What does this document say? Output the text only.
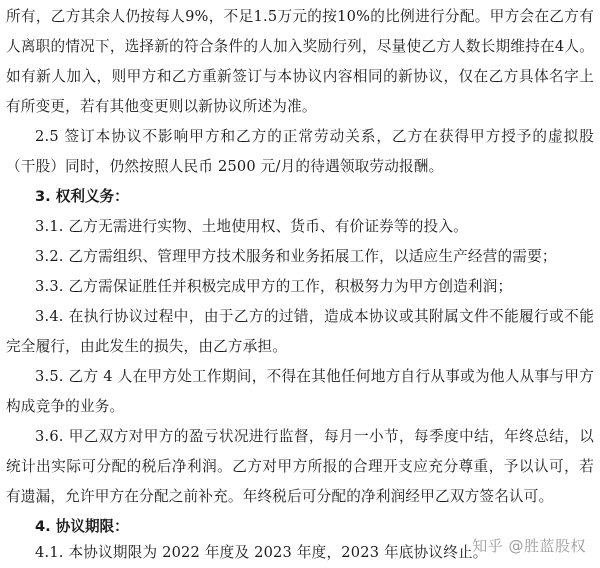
所有，乙方其余人仍按每人9%，不足1.5万元的按10%的比例进行分配。甲方会在乙方有人离职的情况下，选择新的符合条件的人加入奖励行列，尽量使乙方人数长期维持在4人。如有新人加入，则甲方和乙方重新签订与本协议内容相同的新协议，仅在乙方具体名字上有所变更，若有其他变更则以新协议所述为准。

2.5 签订本协议不影响甲方和乙方的正常劳动关系，乙方在获得甲方授予的虚拟股（干股）同时，仍然按照人民币 2500 元/月的待遇领取劳动报酬。

3. 权利义务：

3.1. 乙方无需进行实物、土地使用权、货币、有价证券等的投入。

3.2. 乙方需组织、管理甲方技术服务和业务拓展工作，以适应生产经营的需要；

3.3. 乙方需保证胜任并积极完成甲方的工作，积极努力为甲方创造利润；

3.4. 在执行协议过程中，由于乙方的过错，造成本协议或其附属文件不能履行或不能完全履行，由此发生的损失，由乙方承担。

3.5. 乙方 4 人在甲方处工作期间，不得在其他任何地方自行从事或为他人从事与甲方构成竞争的业务。

3.6. 甲乙双方对甲方的盈亏状况进行监督，每月一小节，每季度中结，年终总结，以统计出实际可分配的税后净利润。乙方对甲方所报的合理开支应充分尊重，予以认可，若有遗漏，允许甲方在分配之前补充。年终税后可分配的净利润经甲乙双方签名认可。

4. 协议期限：

4.1. 本协议期限为 2022 年度及 2023 年度，2023 年底协议终止。

知乎 @胜蓝股权
